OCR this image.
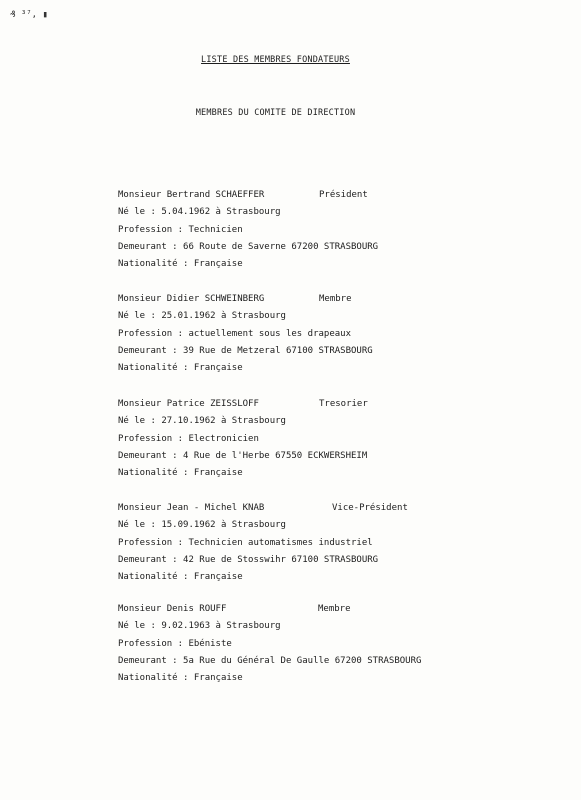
₰ ³⁷, ▮
LISTE DES MEMBRES FONDATEURS
MEMBRES DU COMITE DE DIRECTION
Monsieur Bertrand SCHAEFFER	Président
Né le : 5.04.1962 à Strasbourg
Profession : Technicien
Demeurant : 66 Route de Saverne 67200 STRASBOURG
Nationalité : Française
Monsieur Didier SCHWEINBERG	Membre
Né le : 25.01.1962 à Strasbourg
Profession : actuellement sous les drapeaux
Demeurant : 39 Rue de Metzeral 67100 STRASBOURG
Nationalité : Française
Monsieur Patrice ZEISSLOFF	Tresorier
Né le : 27.10.1962 à Strasbourg
Profession : Electronicien
Demeurant : 4 Rue de l'Herbe 67550 ECKWERSHEIM
Nationalité : Française
Monsieur Jean - Michel KNAB	Vice-Président
Né le : 15.09.1962 à Strasbourg
Profession : Technicien automatismes industriel
Demeurant : 42 Rue de Stosswihr 67100 STRASBOURG
Nationalité : Française
Monsieur Denis ROUFF	Membre
Né le : 9.02.1963 à Strasbourg
Profession : Ebéniste
Demeurant : 5a Rue du Général De Gaulle 67200 STRASBOURG
Nationalité : Française
